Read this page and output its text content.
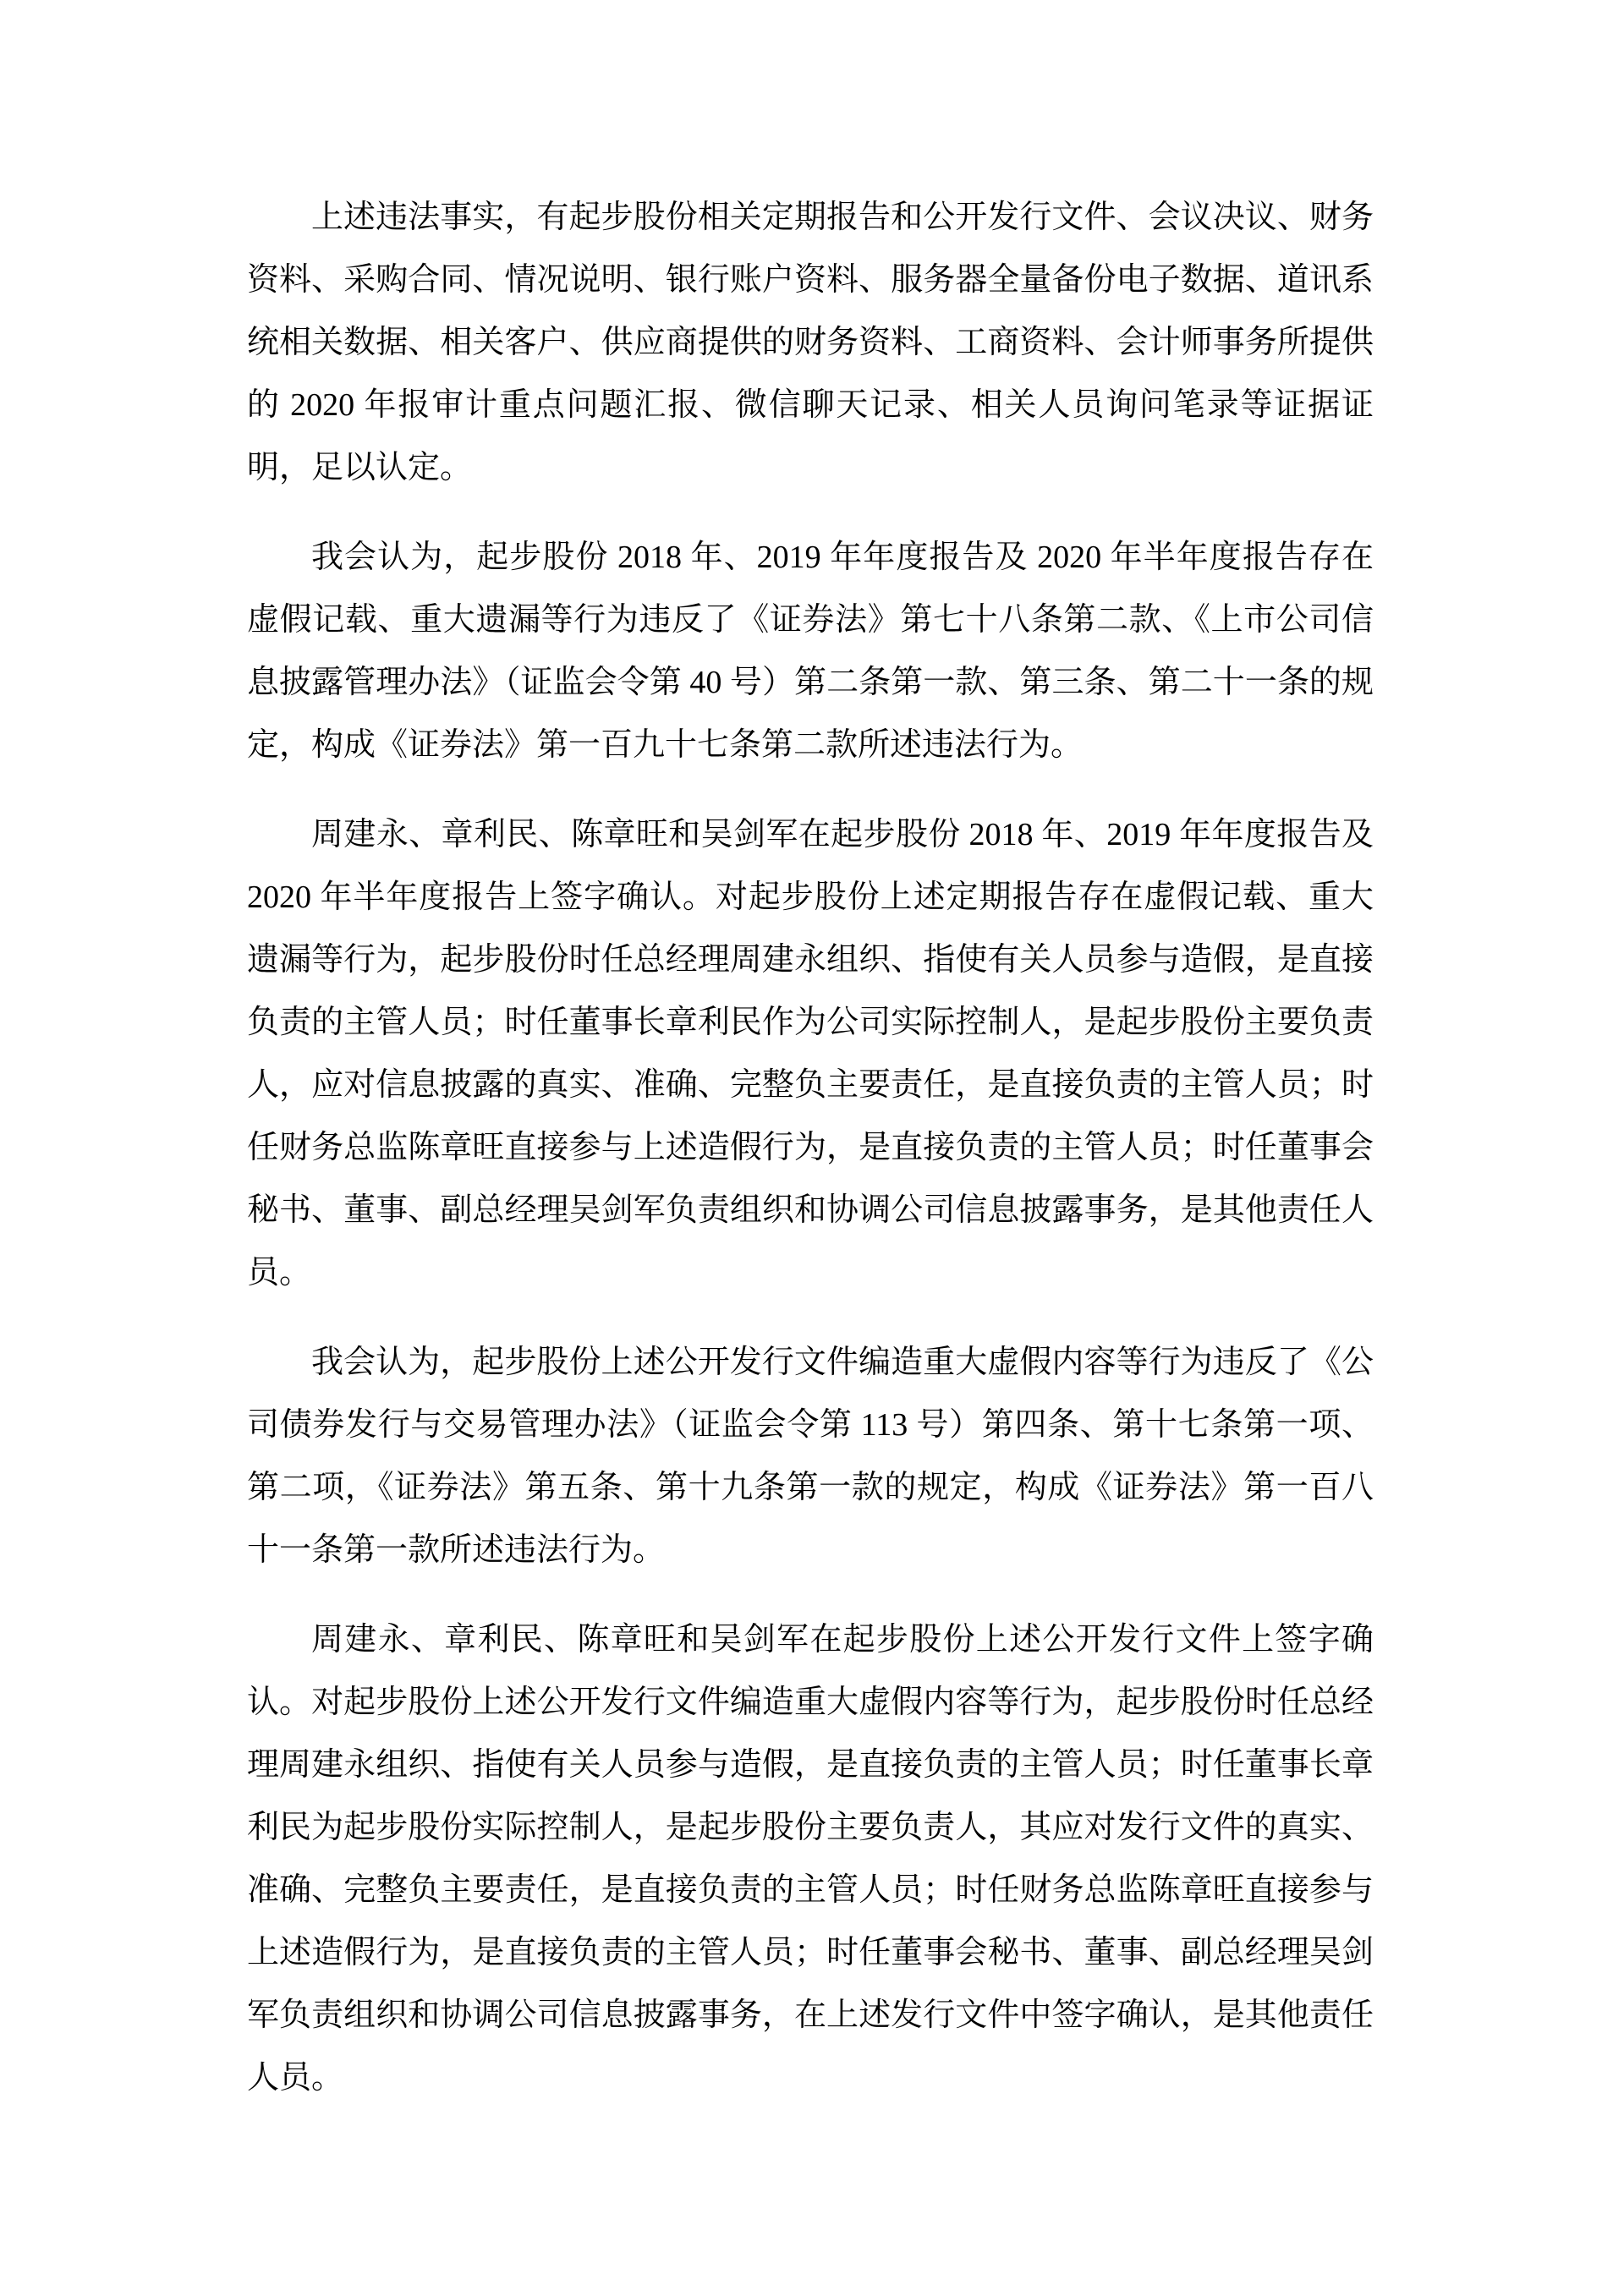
上述违法事实，有起步股份相关定期报告和公开发行文件、会议决议、财务资料、采购合同、情况说明、银行账户资料、服务器全量备份电子数据、道讯系统相关数据、相关客户、供应商提供的财务资料、工商资料、会计师事务所提供的 2020 年报审计重点问题汇报、微信聊天记录、相关人员询问笔录等证据证明，足以认定。

我会认为，起步股份 2018 年、2019 年年度报告及 2020 年半年度报告存在虚假记载、重大遗漏等行为违反了《证券法》第七十八条第二款、《上市公司信息披露管理办法》（证监会令第 40 号）第二条第一款、第三条、第二十一条的规定，构成《证券法》第一百九十七条第二款所述违法行为。

周建永、章利民、陈章旺和吴剑军在起步股份 2018 年、2019 年年度报告及 2020 年半年度报告上签字确认。对起步股份上述定期报告存在虚假记载、重大遗漏等行为，起步股份时任总经理周建永组织、指使有关人员参与造假，是直接负责的主管人员；时任董事长章利民作为公司实际控制人，是起步股份主要负责人，应对信息披露的真实、准确、完整负主要责任，是直接负责的主管人员；时任财务总监陈章旺直接参与上述造假行为，是直接负责的主管人员；时任董事会秘书、董事、副总经理吴剑军负责组织和协调公司信息披露事务，是其他责任人员。

我会认为，起步股份上述公开发行文件编造重大虚假内容等行为违反了《公司债券发行与交易管理办法》（证监会令第 113 号）第四条、第十七条第一项、第二项，《证券法》第五条、第十九条第一款的规定，构成《证券法》第一百八十一条第一款所述违法行为。

周建永、章利民、陈章旺和吴剑军在起步股份上述公开发行文件上签字确认。对起步股份上述公开发行文件编造重大虚假内容等行为，起步股份时任总经理周建永组织、指使有关人员参与造假，是直接负责的主管人员；时任董事长章利民为起步股份实际控制人，是起步股份主要负责人，其应对发行文件的真实、准确、完整负主要责任，是直接负责的主管人员；时任财务总监陈章旺直接参与上述造假行为，是直接负责的主管人员；时任董事会秘书、董事、副总经理吴剑军负责组织和协调公司信息披露事务，在上述发行文件中签字确认，是其他责任人员。
